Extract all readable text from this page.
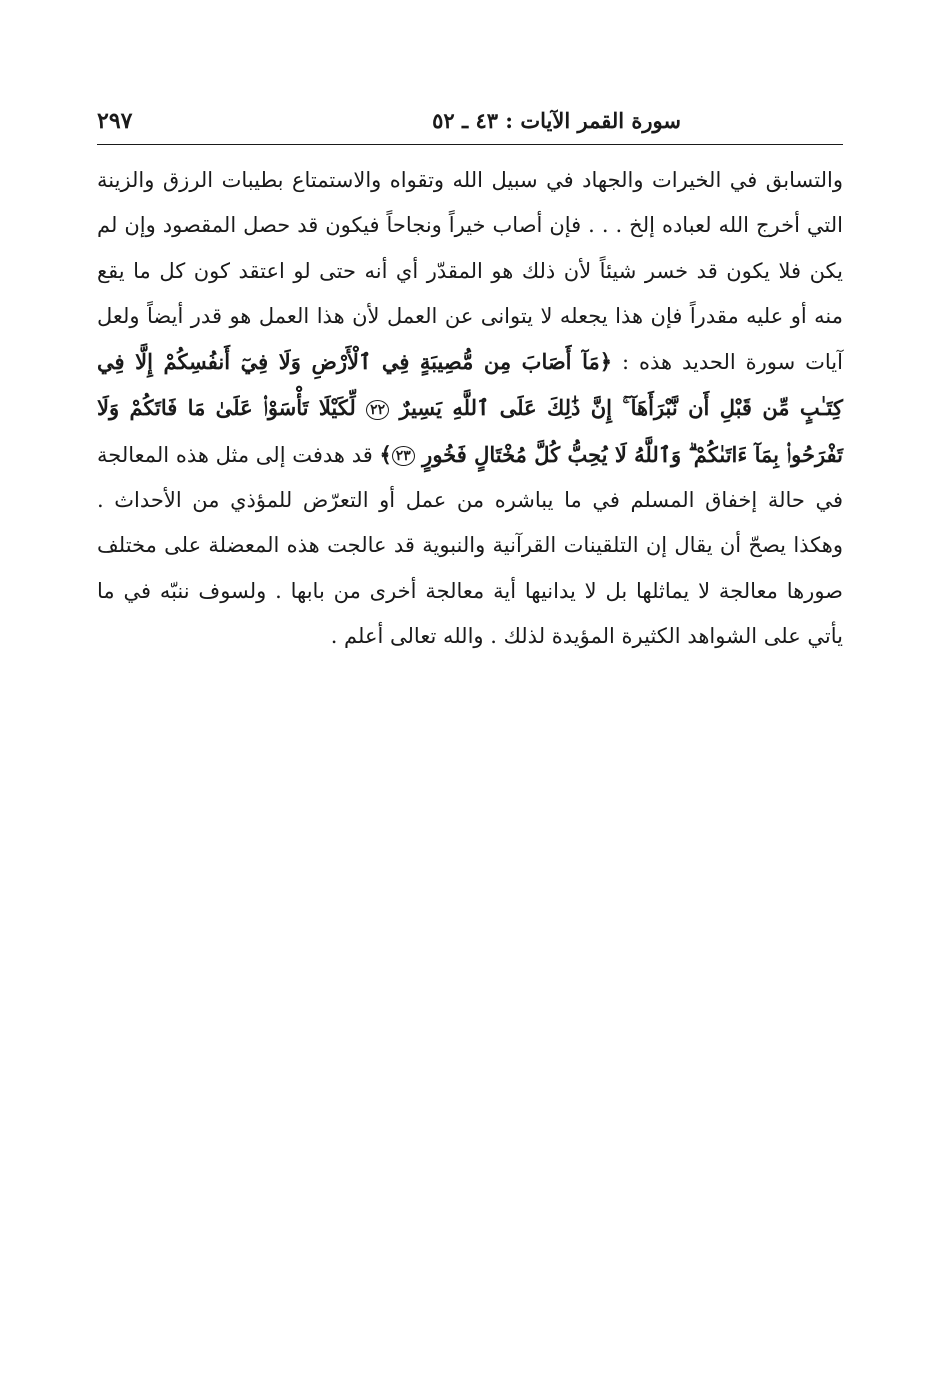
سورة القمر الآيات : ٤٣ ـ ٥٢
٢٩٧
والتسابق في الخيرات والجهاد في سبيل الله وتقواه والاستمتاع بطيبات الرزق والزينة التي أخرج الله لعباده إلخ . . . فإن أصاب خيراً ونجاحاً فيكون قد حصل المقصود وإن لم يكن فلا يكون قد خسر شيئاً لأن ذلك هو المقدّر أي أنه حتى لو اعتقد كون كل ما يقع منه أو عليه مقدراً فإن هذا يجعله لا يتوانى عن العمل لأن هذا العمل هو قدر أيضاً ولعل آيات سورة الحديد هذه : ﴿مَآ أَصَابَ مِن مُّصِيبَةٍ فِي ٱلْأَرْضِ وَلَا فِيٓ أَنفُسِكُمْ إِلَّا فِي كِتَـٰبٍ مِّن قَبْلِ أَن نَّبْرَأَهَآ ۚ إِنَّ ذَٰلِكَ عَلَى ٱللَّهِ يَسِيرٌ ٢٢ لِّكَيْلَا تَأْسَوْا۟ عَلَىٰ مَا فَاتَكُمْ وَلَا تَفْرَحُوا۟ بِمَآ ءَاتَىٰكُمْ ۗ وَٱللَّهُ لَا يُحِبُّ كُلَّ مُخْتَالٍ فَخُورٍ ٢٣﴾ قد هدفت إلى مثل هذه المعالجة في حالة إخفاق المسلم في ما يباشره من عمل أو التعرّض للمؤذي من الأحداث . وهكذا يصحّ أن يقال إن التلقينات القرآنية والنبوية قد عالجت هذه المعضلة على مختلف صورها معالجة لا يماثلها بل لا يدانيها أية معالجة أخرى من بابها . ولسوف ننبّه في ما يأتي على الشواهد الكثيرة المؤيدة لذلك . والله تعالى أعلم .
